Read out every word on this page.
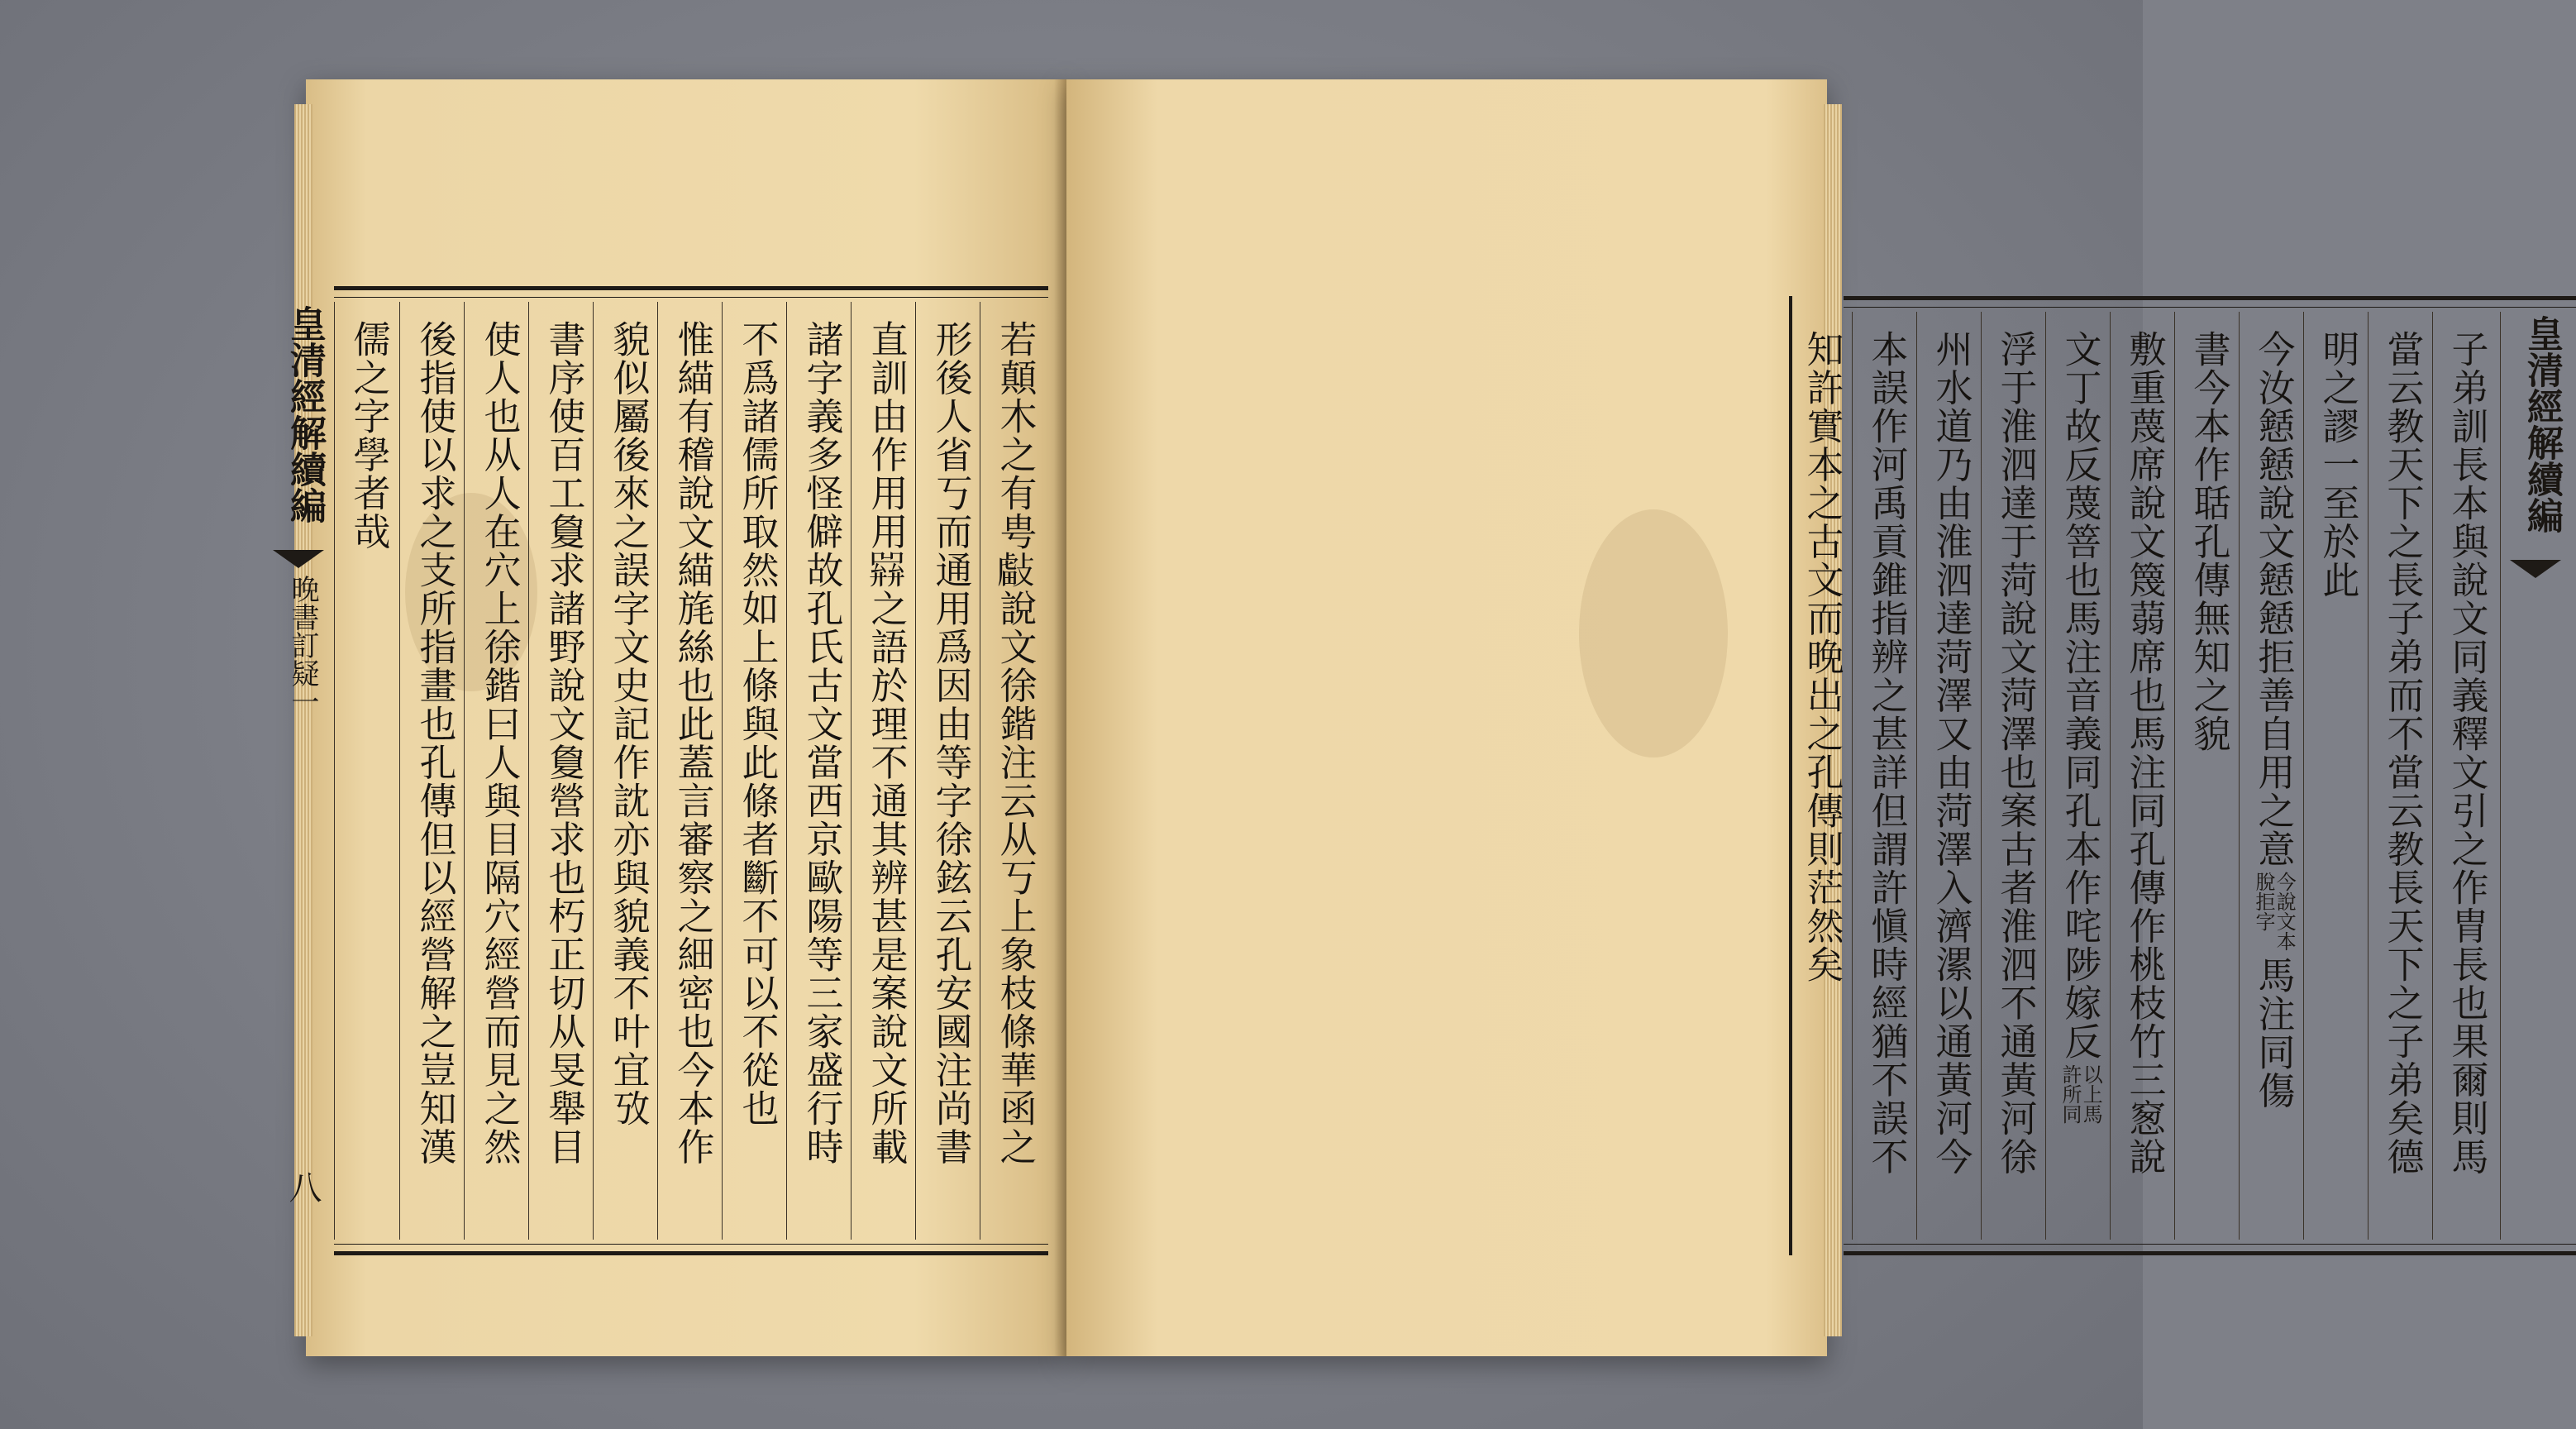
若顛木之有甹𢿊說文徐鍇注云从丂上象枝條華函之
形後人省丂而通用爲因由等字徐鉉云孔安國注尚書
直訓由作用用𢍭之語於理不通其辨甚是案說文所載
諸字義多怪僻故孔氏古文當西京歐陽等三家盛行時
不爲諸儒所取然如上條與此條者斷不可以不從也
惟緢有稽說文緢旄絲也此蓋言審察之細密也今本作
貌似屬後來之誤字文史記作訦亦與貌義不叶宜攷
書序使百工敻求諸野說文敻營求也朽正切从旻舉目
使人也从人在穴上徐鍇曰人與目隔穴經營而見之然
後指使以求之支所指畫也孔傳但以經營解之豈知漢
儒之字學者哉
皇清經解續編
晚書訂疑一
八
皇清經解續編
子弟訓長本與說文同義釋文引之作胄長也果爾則馬
當云教天下之長子弟而不當云教長天下之子弟矣德
明之謬一至於此
今汝懖懖說文懖懖拒善自用之意
今說文本
脫拒字
馬注同傷
書今本作聒孔傳無知之貌
敷重蔑席說文篾蒻席也馬注同孔傳作桃枝竹三䆫說
文丁故反蔑箁也馬注音義同孔本作咤陟嫁反
以上馬
許所同
浮于淮泗達于菏說文菏澤也案古者淮泗不通黃河徐
州水道乃由淮泗達菏澤又由菏澤入濟漯以通黃河今
本誤作河禹貢錐指辨之甚詳但謂許愼時經猶不誤不
知許實本之古文而晚出之孔傳則茫然矣
